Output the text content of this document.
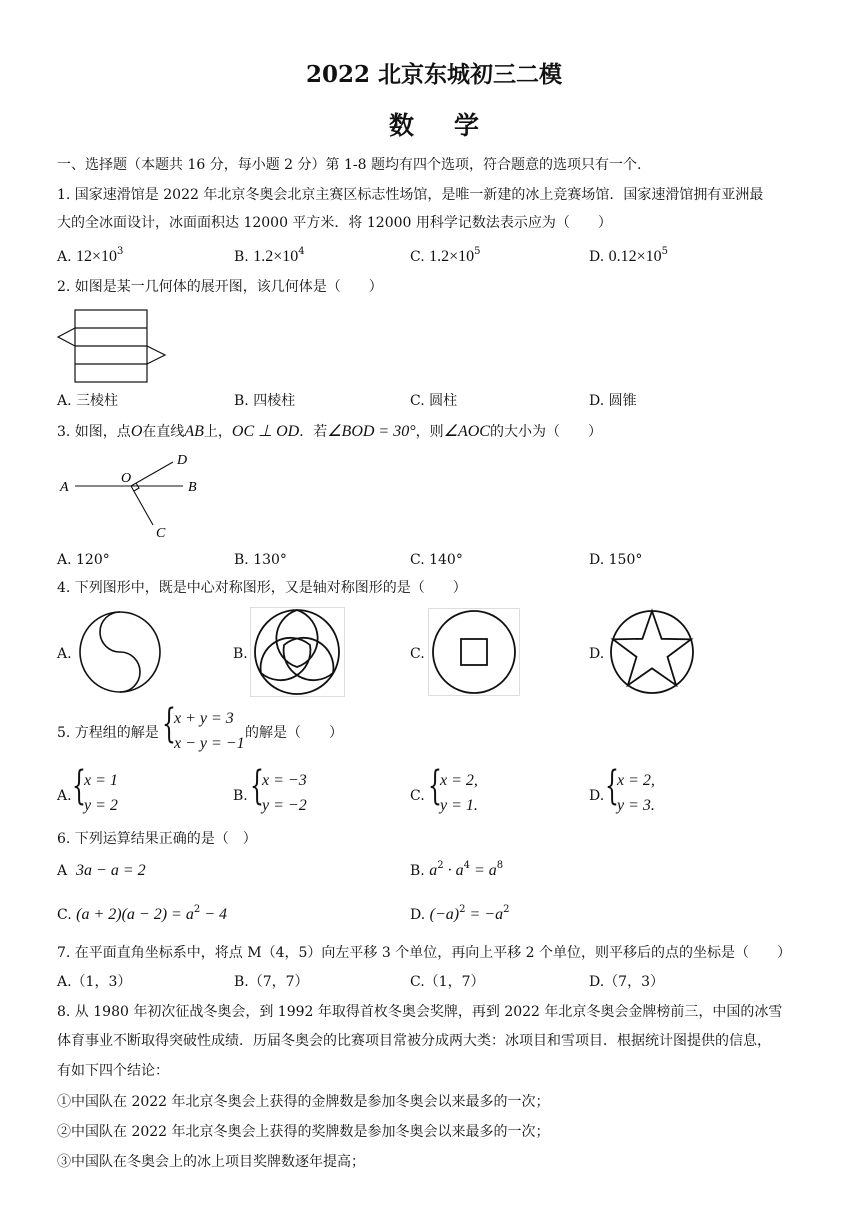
2022 北京东城初三二模
数学
一、选择题（本题共 16 分，每小题 2 分）第 1-8 题均有四个选项，符合题意的选项只有一个.
1. 国家速滑馆是 2022 年北京冬奥会北京主赛区标志性场馆，是唯一新建的冰上竞赛场馆．国家速滑馆拥有亚洲最
大的全冰面设计，冰面面积达 12000 平方米．将 12000 用科学记数法表示应为（　　）
A. $12\times 10^3$	B. $1.2\times 10^4$	C. $1.2\times 10^5$	D. $0.12\times 10^5$
2. 如图是某一几何体的展开图，该几何体是（　　）
A. 三棱柱	B. 四棱柱	C. 圆柱	D. 圆锥
3. 如图，点O在直线AB上，OC ⊥ OD．若∠BOD = 30°，则∠AOC的大小为（　　）
A
O
B
D
C
A. 120°	B. 130°	C. 140°	D. 150°
4. 下列图形中，既是中心对称图形，又是轴对称图形的是（　　）
A.	B.	C.	D.
5. 方程组的解是 {
x + y = 3
x − y = −1
的解是（　　）
A. {
x = 1
y = 2
B. {
x = −3
y = −2
C. {
x = 2,
y = 1.
D. {
x = 2,
y = 3.
6. 下列运算结果正确的是（　）
A 3a − a = 2	B. $a^2 \cdot a^4 = a^8$
C. $(a + 2)(a - 2) = a^2 - 4$	D. $(-a)^2 = -a^2$
7. 在平面直角坐标系中，将点 M（4，5）向左平移 3 个单位，再向上平移 2 个单位，则平移后的点的坐标是（　　）
A.（1，3）	B.（7，7）	C.（1，7）	D.（7，3）
8. 从 1980 年初次征战冬奥会，到 1992 年取得首枚冬奥会奖牌，再到 2022 年北京冬奥会金牌榜前三，中国的冰雪
体育事业不断取得突破性成绩．历届冬奥会的比赛项目常被分成两大类：冰项目和雪项目．根据统计图提供的信息，
有如下四个结论：
①中国队在 2022 年北京冬奥会上获得的金牌数是参加冬奥会以来最多的一次；
②中国队在 2022 年北京冬奥会上获得的奖牌数是参加冬奥会以来最多的一次；
③中国队在冬奥会上的冰上项目奖牌数逐年提高；
